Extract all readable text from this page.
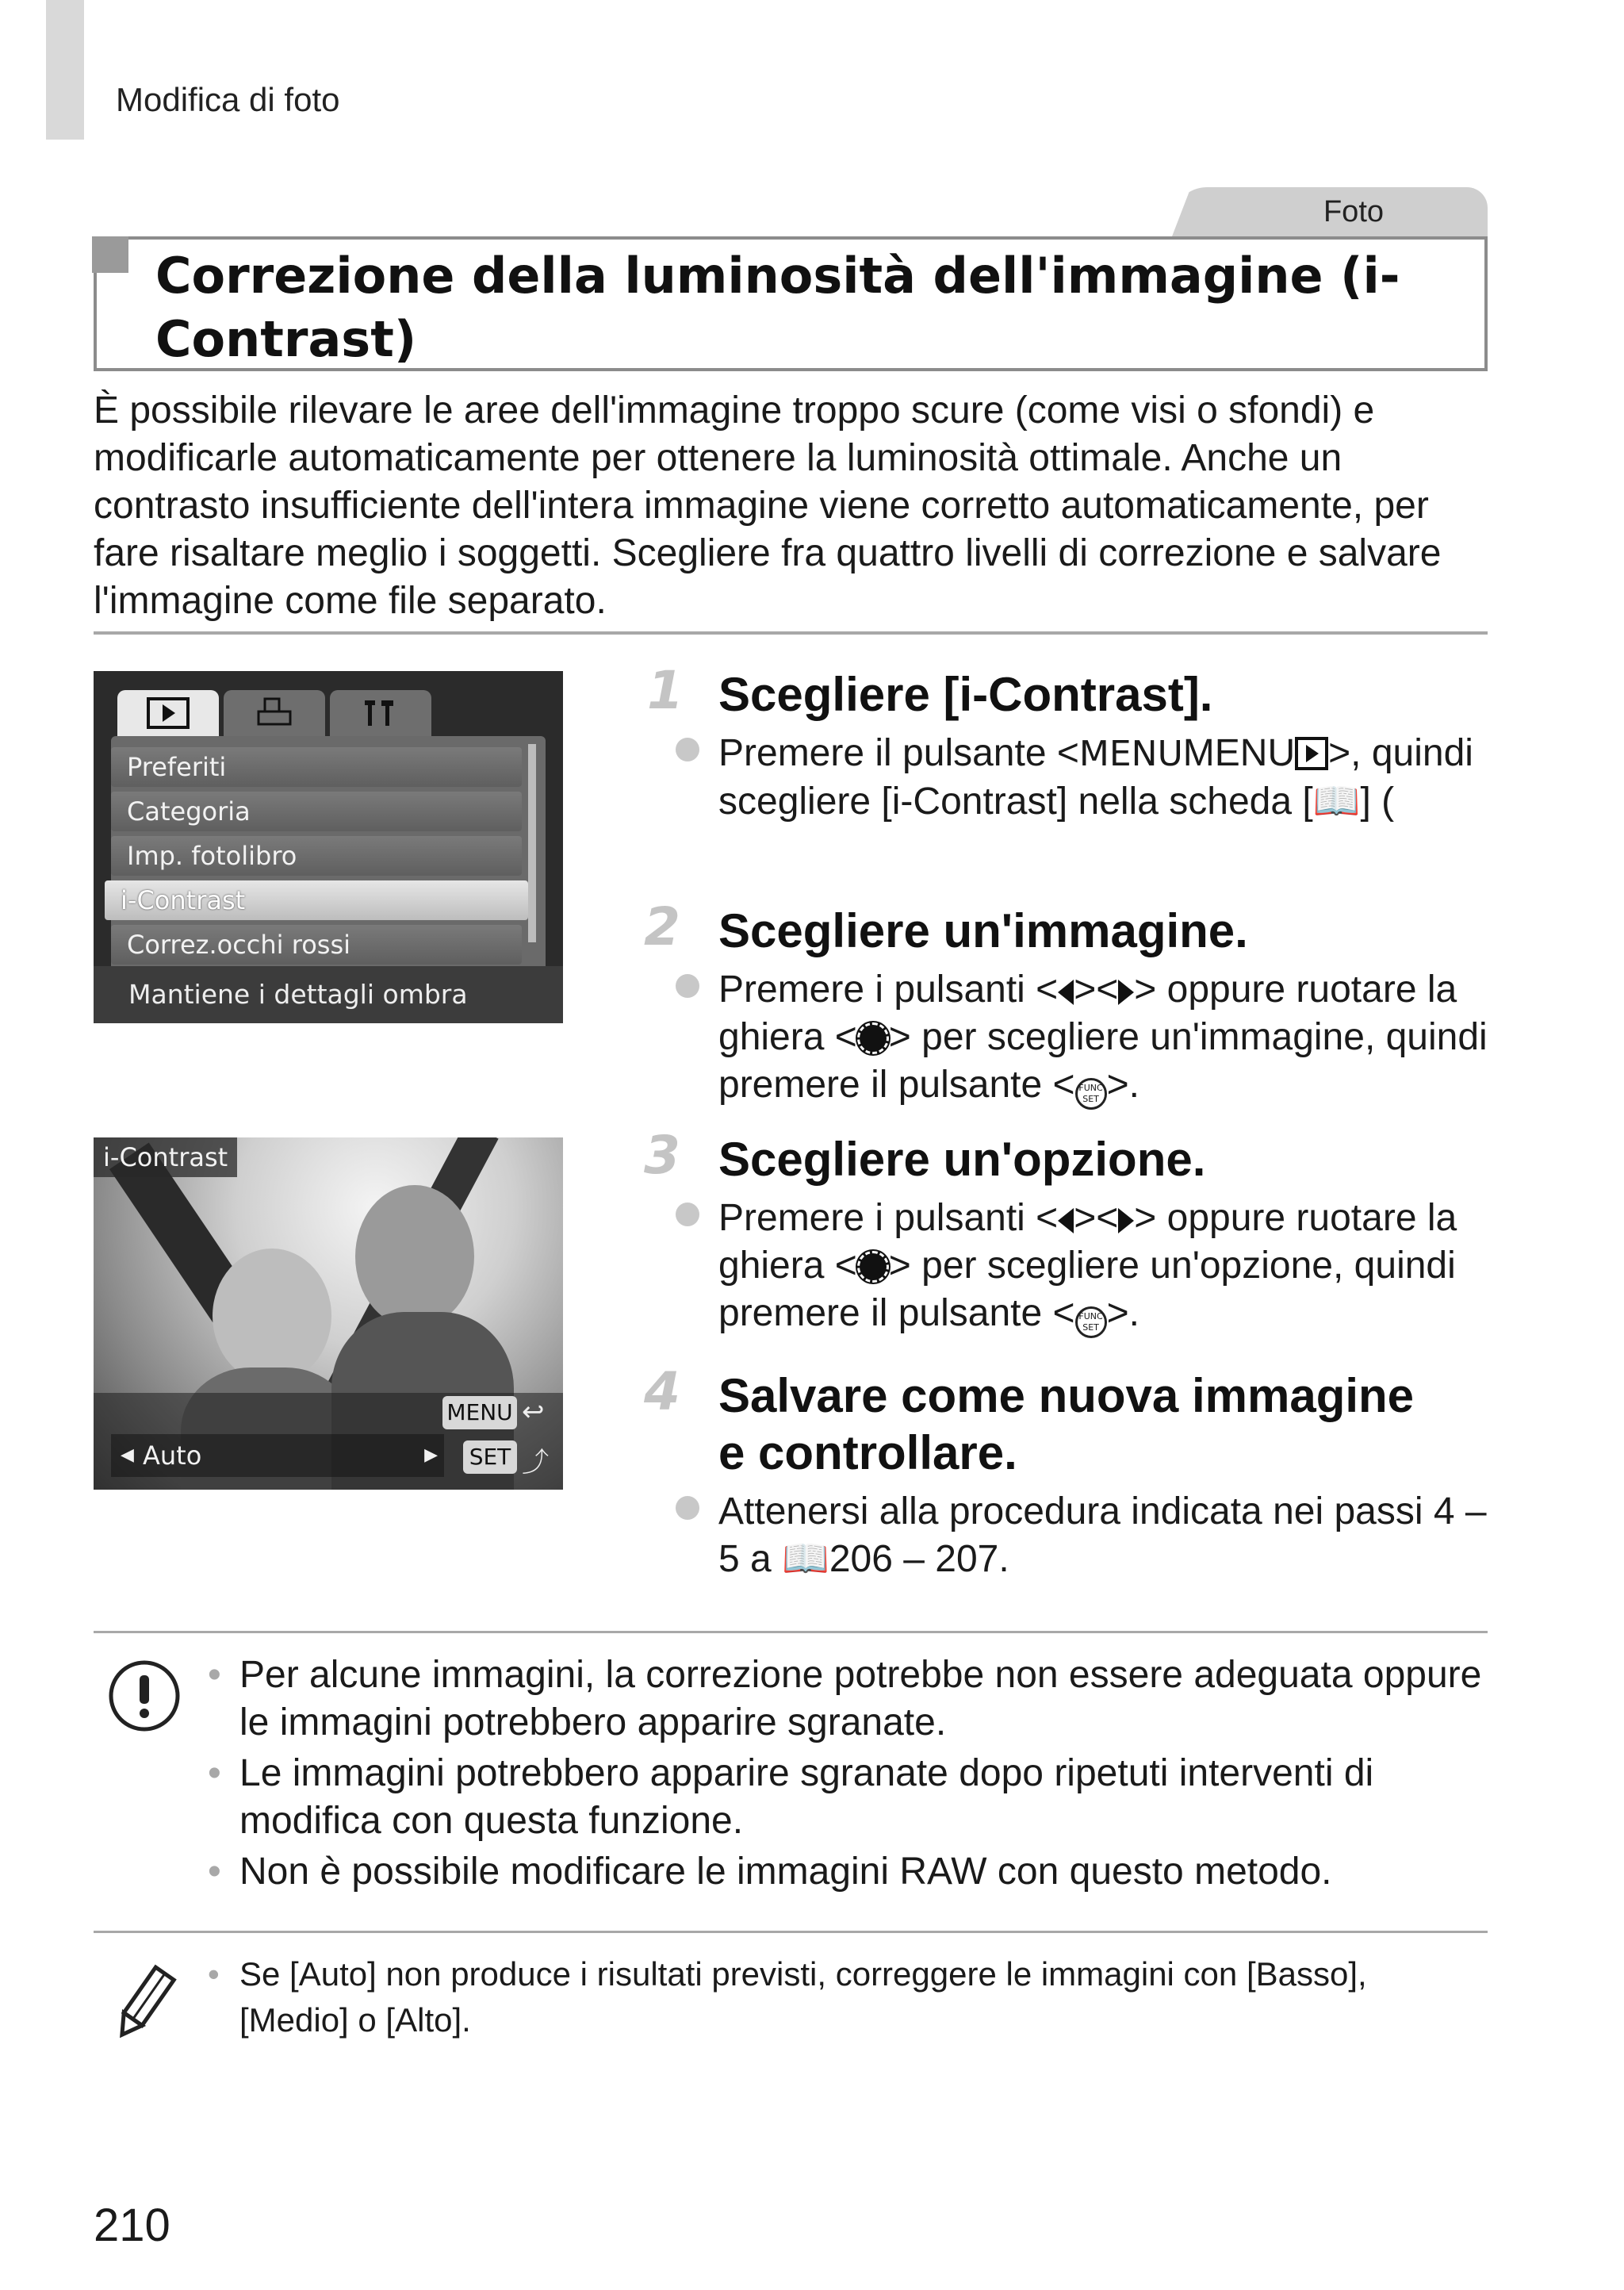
Modifica di foto
Foto
Correzione della luminosità dell'immagine (i-Contrast)
È possibile rilevare le aree dell'immagine troppo scure (come visi o sfondi) e modificarle automaticamente per ottenere la luminosità ottimale. Anche un contrasto insufficiente dell'intera immagine viene corretto automaticamente, per fare risaltare meglio i soggetti. Scegliere fra quattro livelli di correzione e salvare l'immagine come file separato.
Preferiti
Categoria
Imp. fotolibro
i-Contrast
Correz.occhi rossi
Mantiene i dettagli ombra
i-Contrast
MENU ↩
◀ Auto	▶ SET ⤴
1 Scegliere [i-Contrast].
Premere il pulsante <MENUMENU >, quindi scegliere [i-Contrast] nella scheda [📖] (
2 Scegliere un'immagine.
Premere i pulsanti < >< > oppure ruotare la ghiera < > per scegliere un'immagine, quindi premere il pulsante < FUNC
SET >.
3 Scegliere un'opzione.
Premere i pulsanti < >< > oppure ruotare la ghiera < > per scegliere un'opzione, quindi premere il pulsante < FUNC
SET >.
4 Salvare come nuova immagine
e controllare.
Attenersi alla procedura indicata nei passi 4 – 5 a 📖206 – 207.
• Per alcune immagini, la correzione potrebbe non essere adeguata oppure le immagini potrebbero apparire sgranate.
• Le immagini potrebbero apparire sgranate dopo ripetuti interventi di modifica con questa funzione.
• Non è possibile modificare le immagini RAW con questo metodo.
• Se [Auto] non produce i risultati previsti, correggere le immagini con [Basso], [Medio] o [Alto].
210
